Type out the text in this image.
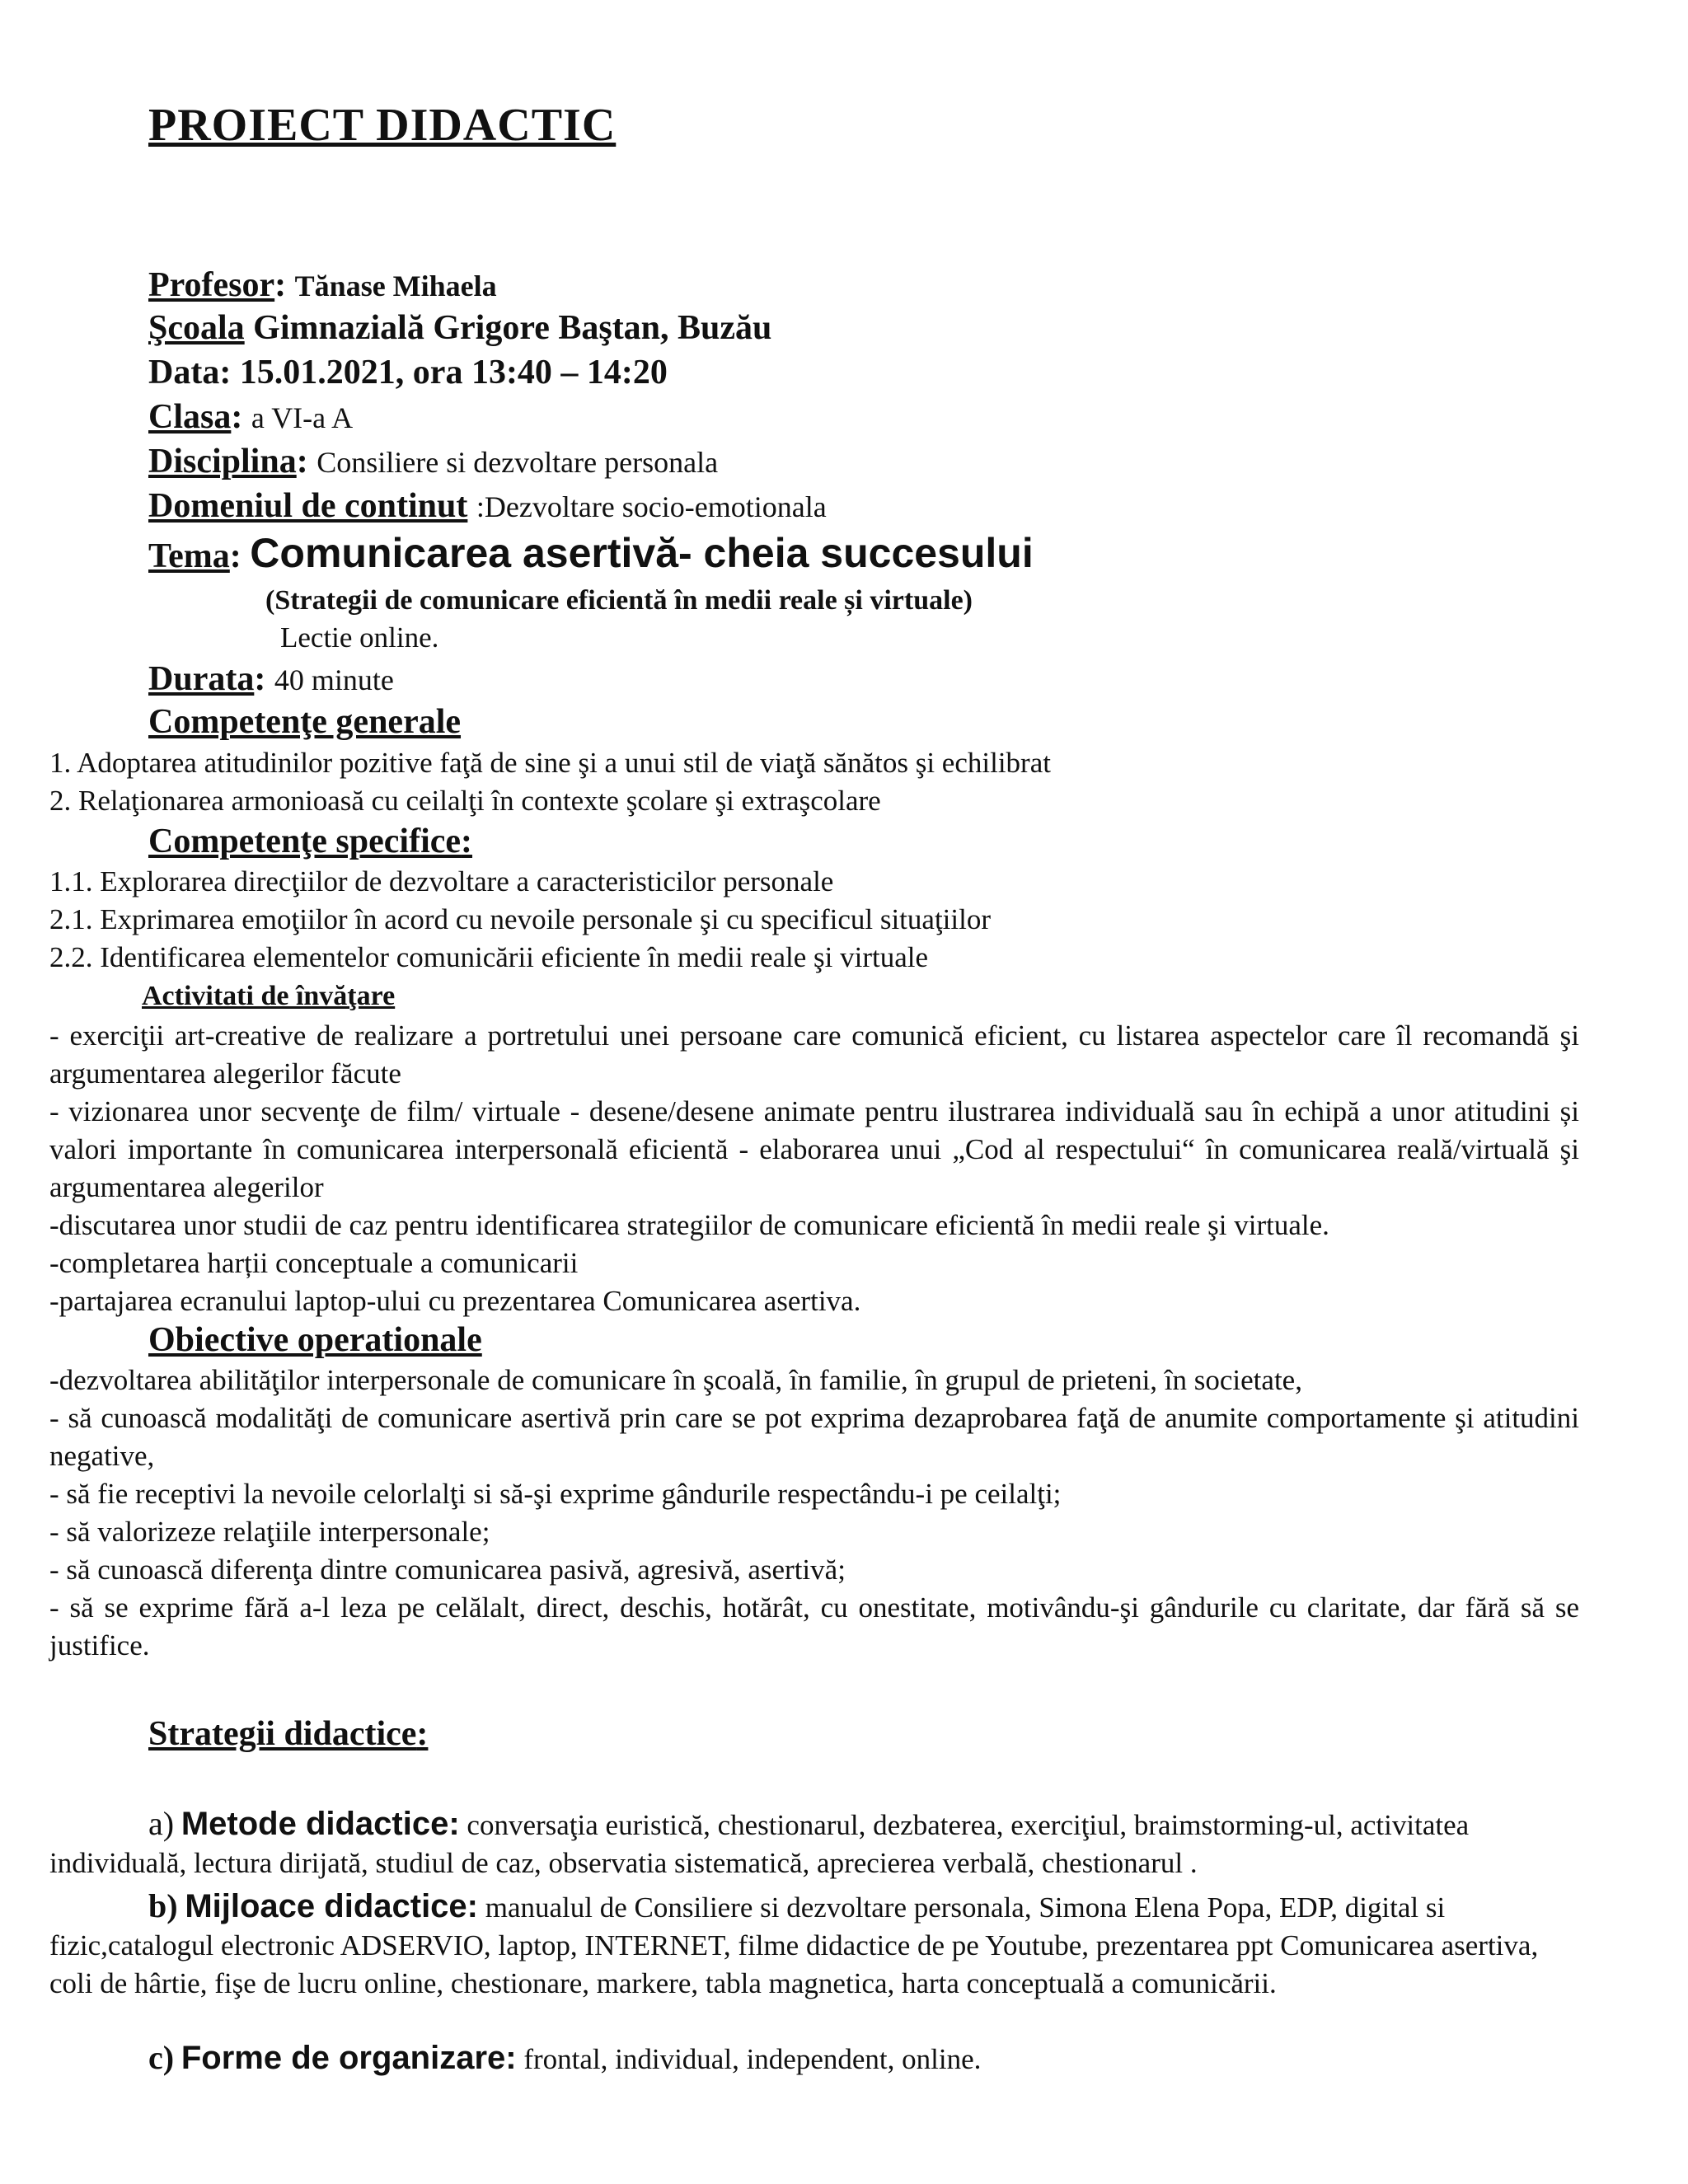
PROIECT DIDACTIC
Profesor: Tănase Mihaela
Şcoala Gimnazială Grigore Baştan, Buzău
Data: 15.01.2021, ora 13:40 – 14:20
Clasa: a VI-a A
Disciplina: Consiliere si dezvoltare personala
Domeniul de continut :Dezvoltare socio-emotionala
Tema: Comunicarea asertivă- cheia succesului
(Strategii de comunicare eficientă în medii reale și virtuale)
Lectie online.
Durata: 40 minute
Competenţe generale
1. Adoptarea atitudinilor pozitive faţă de sine şi a unui stil de viaţă sănătos şi echilibrat
2. Relaţionarea armonioasă cu ceilalţi în contexte şcolare şi extraşcolare
Competenţe specifice:
1.1. Explorarea direcţiilor de dezvoltare a caracteristicilor personale
2.1. Exprimarea emoţiilor în acord cu nevoile personale şi cu specificul situaţiilor
2.2. Identificarea elementelor comunicării eficiente în medii reale şi virtuale
Activitati de învăţare

- exerciţii art-creative de realizare a portretului unei persoane care comunică eficient, cu listarea aspectelor care îl recomandă şi argumentarea alegerilor făcute

- vizionarea unor secvenţe de film/ virtuale - desene/desene animate pentru ilustrarea individuală sau în echipă a unor atitudini și valori importante în comunicarea interpersonală eficientă - elaborarea unui „Cod al respectului“ în comunicarea reală/virtuală şi argumentarea alegerilor

-discutarea unor studii de caz pentru identificarea strategiilor de comunicare eficientă în medii reale şi virtuale.

-completarea harții conceptuale a comunicarii

-partajarea ecranului laptop-ului cu prezentarea Comunicarea asertiva.

Obiective operationale

-dezvoltarea abilităţilor interpersonale de comunicare în şcoală, în familie, în grupul de prieteni, în societate,

- să cunoască modalităţi de comunicare asertivă prin care se pot exprima dezaprobarea faţă de anumite comportamente şi atitudini negative,

- să fie receptivi la nevoile celorlalţi si să-şi exprime gândurile respectându-i pe ceilalţi;

- să valorizeze relaţiile interpersonale;

- să cunoască diferenţa dintre comunicarea pasivă, agresivă, asertivă;

- să se exprime fără a-l leza pe celălalt, direct, deschis, hotărât, cu onestitate, motivându-şi gândurile cu claritate, dar fără să se justifice.

Strategii didactice:

a) Metode didactice: conversaţia euristică, chestionarul, dezbaterea, exerciţiul, braimstorming-ul, activitatea individuală, lectura dirijată, studiul de caz, observatia sistematică, aprecierea verbală, chestionarul .

b) Mijloace didactice: manualul de Consiliere si dezvoltare personala, Simona Elena Popa, EDP, digital si fizic,catalogul electronic ADSERVIO, laptop, INTERNET, filme didactice de pe Youtube, prezentarea ppt Comunicarea asertiva, coli de hârtie, fişe de lucru online, chestionare, markere, tabla magnetica, harta conceptuală a comunicării.

c) Forme de organizare: frontal, individual, independent, online.
